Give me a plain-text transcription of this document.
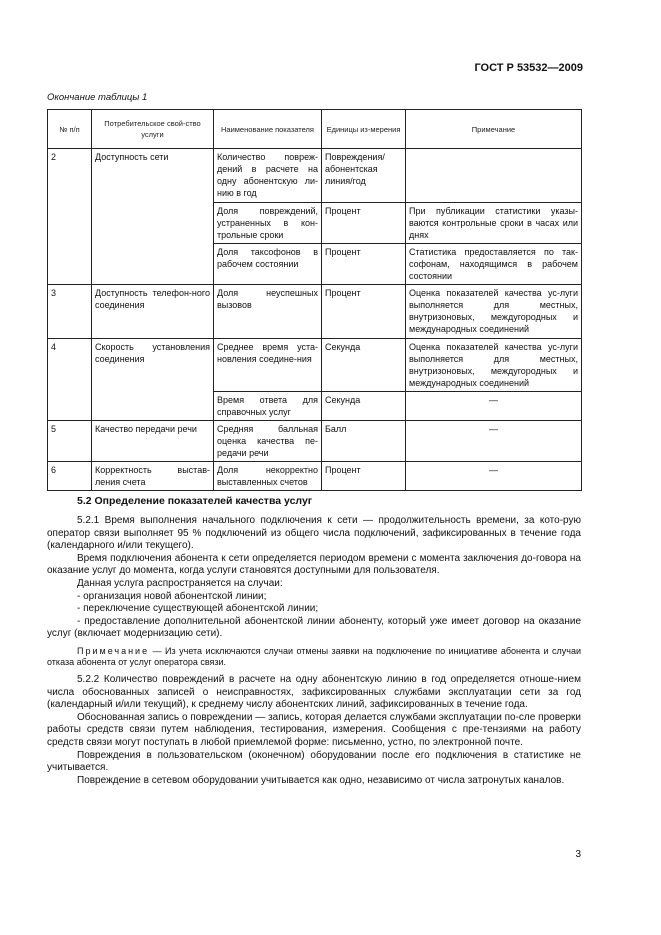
ГОСТ Р 53532—2009
Окончание таблицы 1
№ п/п	Потребительское свой-ство услуги	Наименование показателя	Единицы из-мерения	Примечание
2	Доступность сети	Количество повреж-дений в расчете на одну абонентскую ли-нию в год	Повреждения/ абонентская линия/год	
		Доля повреждений, устраненных в кон-трольные сроки	Процент	При публикации статистики указы-ваются контрольные сроки в часах или днях
		Доля таксофонов в рабочем состоянии	Процент	Статистика предоставляется по так-софонам, находящимся в рабочем состоянии
3	Доступность телефон-ного соединения	Доля неуспешных вызовов	Процент	Оценка показателей качества ус-луги выполняется для местных, внутризоновых, междугородных и международных соединений
4	Скорость установления соединения	Среднее время уста-новления соедине-ния	Секунда	Оценка показателей качества ус-луги выполняется для местных, внутризоновых, междугородных и международных соединений
		Время ответа для справочных услуг	Секунда	—
5	Качество передачи речи	Средняя балльная оценка качества пе-редачи речи	Балл	—
6	Корректность выстав-ления счета	Доля некорректно выставленных счетов	Процент	—
5.2 Определение показателей качества услуг

5.2.1 Время выполнения начального подключения к сети — продолжительность времени, за кото-рую оператор связи выполняет 95 % подключений из общего числа подключений, зафиксированных в течение года (календарного и/или текущего).

Время подключения абонента к сети определяется периодом времени с момента заключения до-говора на оказание услуг до момента, когда услуги становятся доступными для пользователя.

Данная услуга распространяется на случаи:

- организация новой абонентской линии;

- переключение существующей абонентской линии;

- предоставление дополнительной абонентской линии абоненту, который уже имеет договор на оказание услуг (включает модернизацию сети).

Примечание — Из учета исключаются случаи отмены заявки на подключение по инициативе абонента и случаи отказа абонента от услуг оператора связи.

5.2.2 Количество повреждений в расчете на одну абонентскую линию в год определяется отноше-нием числа обоснованных записей о неисправностях, зафиксированных службами эксплуатации сети за год (календарный и/или текущий), к среднему числу абонентских линий, зафиксированных в течение года.

Обоснованная запись о повреждении — запись, которая делается службами эксплуатации по-сле проверки работы средств связи путем наблюдения, тестирования, измерения. Сообщения с пре-тензиями на работу средств связи могут поступать в любой приемлемой форме: письменно, устно, по электронной почте.

Повреждения в пользовательском (оконечном) оборудовании после его подключения в статистике не учитывается.

Повреждение в сетевом оборудовании учитывается как одно, независимо от числа затронутых каналов.

3
